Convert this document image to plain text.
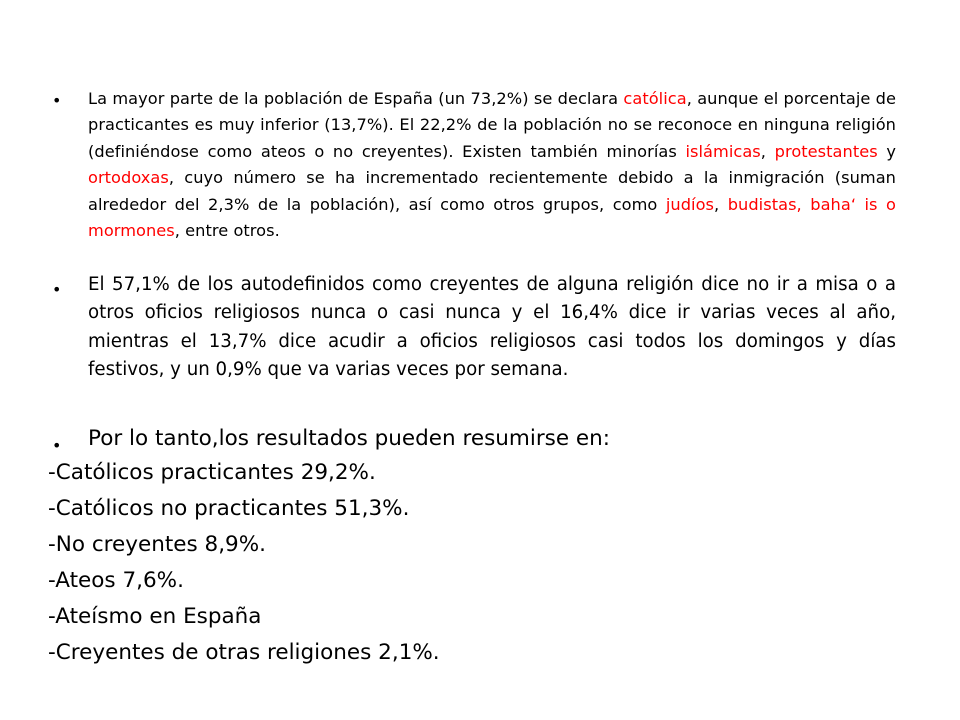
• La mayor parte de la población de España (un 73,2%) se declara católica, aunque el porcentaje de practicantes es muy inferior (13,7%). El 22,2% de la población no se reconoce en ninguna religión (definiéndose como ateos o no creyentes). Existen también minorías islámicas, protestantes y ortodoxas, cuyo número se ha incrementado recientemente debido a la inmigración (suman alrededor del 2,3% de la población), así como otros grupos, como judíos, budistas, baha‘ is o mormones, entre otros.
• El 57,1% de los autodefinidos como creyentes de alguna religión dice no ir a misa o a otros oficios religiosos nunca o casi nunca y el 16,4% dice ir varias veces al año, mientras el 13,7% dice acudir a oficios religiosos casi todos los domingos y días festivos, y un 0,9% que va varias veces por semana.
• Por lo tanto,los resultados pueden resumirse en:
-Católicos practicantes 29,2%.
-Católicos no practicantes 51,3%.
-No creyentes 8,9%.
-Ateos 7,6%.
-Ateísmo en España
-Creyentes de otras religiones 2,1%.
